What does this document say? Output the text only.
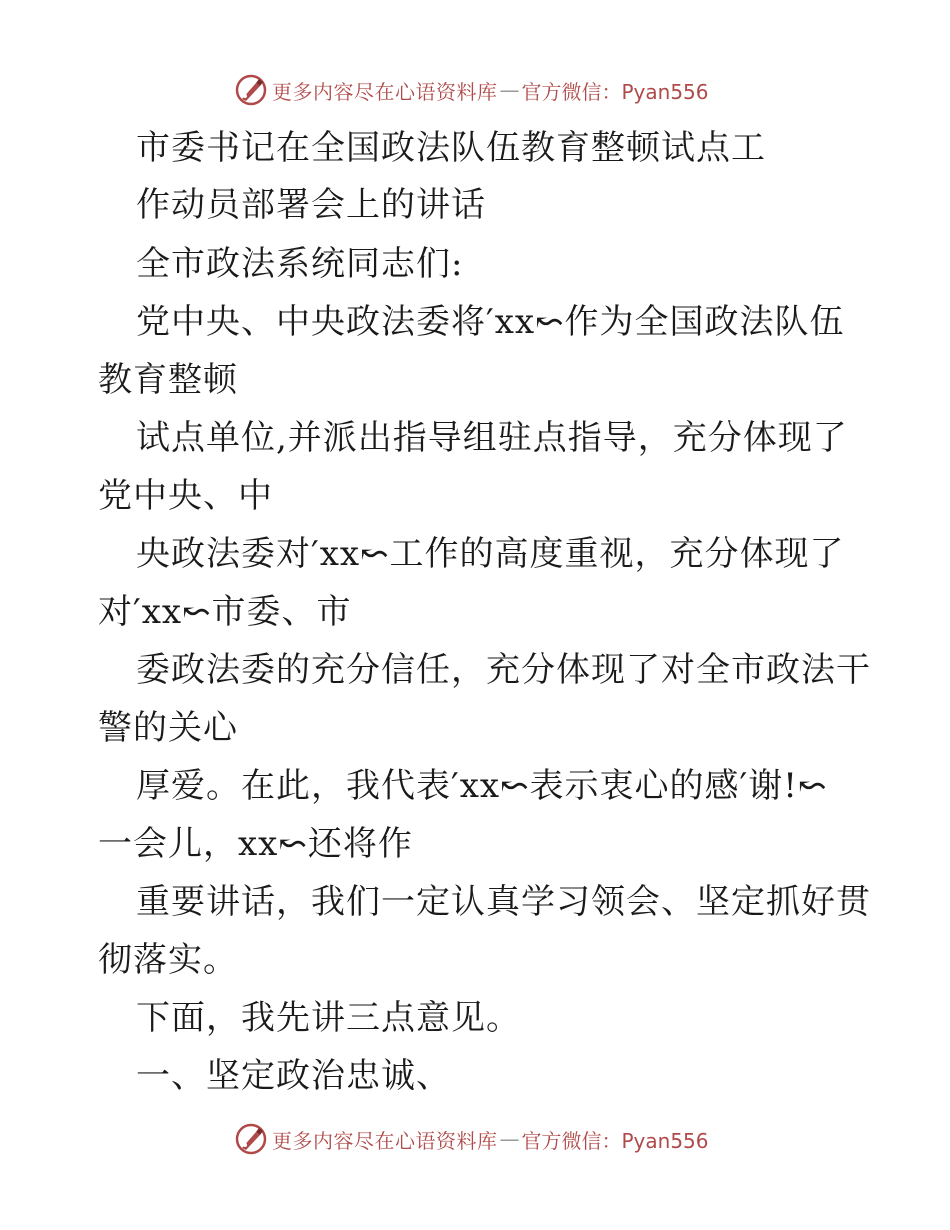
更多内容尽在心语资料库 — 官方微信：Pyan556
市委书记在全国政法队伍教育整顿试点工
作动员部署会上的讲话
全市政法系统同志们:
党中央、中央政法委将′xx↜作为全国政法队伍
教育整顿
试点单位,并派出指导组驻点指导，充分体现了
党中央、中
央政法委对′xx↜工作的高度重视，充分体现了
对′xx↜市委、市
委政法委的充分信任，充分体现了对全市政法干
警的关心
厚爱。在此，我代表′xx↜表示衷心的感′谢!↜
一会儿，xx↜还将作
重要讲话，我们一定认真学习领会、坚定抓好贯
彻落实。
下面，我先讲三点意见。
一、坚定政治忠诚、
更多内容尽在心语资料库 — 官方微信：Pyan556
